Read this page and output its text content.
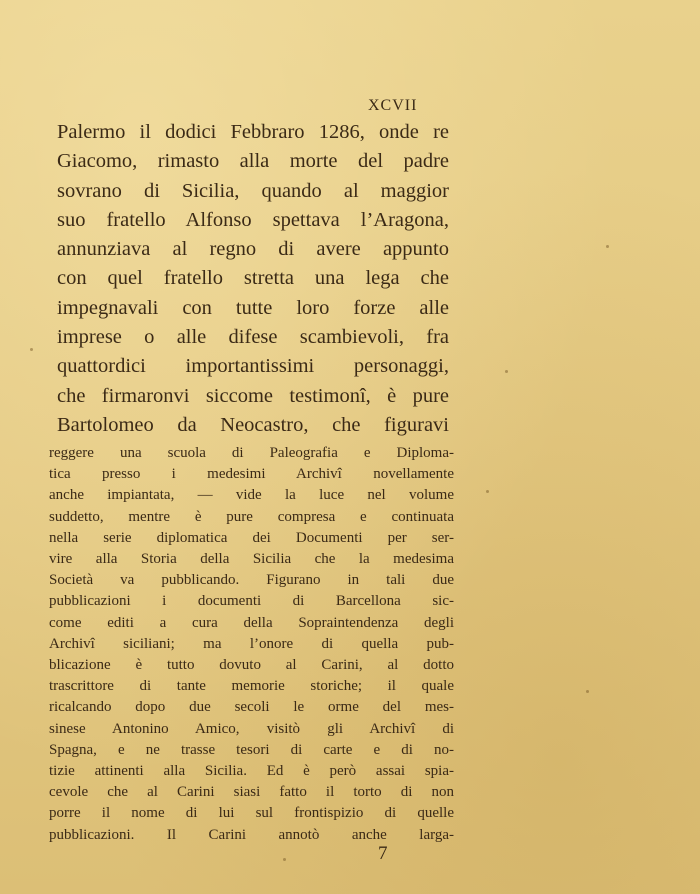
XCVII
Palermo il dodici Febbraro 1286, onde re
Giacomo, rimasto alla morte del padre
sovrano di Sicilia, quando al maggior
suo fratello Alfonso spettava l’Aragona,
annunziava al regno di avere appunto
con quel fratello stretta una lega che
impegnavali con tutte loro forze alle
imprese o alle difese scambievoli, fra
quattordici importantissimi personaggi,
che firmaronvi siccome testimonî, è pure
Bartolomeo da Neocastro, che figuravi
reggere una scuola di Paleografia e Diploma-
tica presso i medesimi Archivî novellamente
anche impiantata, — vide la luce nel volume
suddetto, mentre è pure compresa e continuata
nella serie diplomatica dei Documenti per ser-
vire alla Storia della Sicilia che la medesima
Società va pubblicando. Figurano in tali due
pubblicazioni i documenti di Barcellona sic-
come editi a cura della Sopraintendenza degli
Archivî siciliani; ma l’onore di quella pub-
blicazione è tutto dovuto al Carini, al dotto
trascrittore di tante memorie storiche; il quale
ricalcando dopo due secoli le orme del mes-
sinese Antonino Amico, visitò gli Archivî di
Spagna, e ne trasse tesori di carte e di no-
tizie attinenti alla Sicilia. Ed è però assai spia-
cevole che al Carini siasi fatto il torto di non
porre il nome di lui sul frontispizio di quelle
pubblicazioni. Il Carini annotò anche larga-
7
